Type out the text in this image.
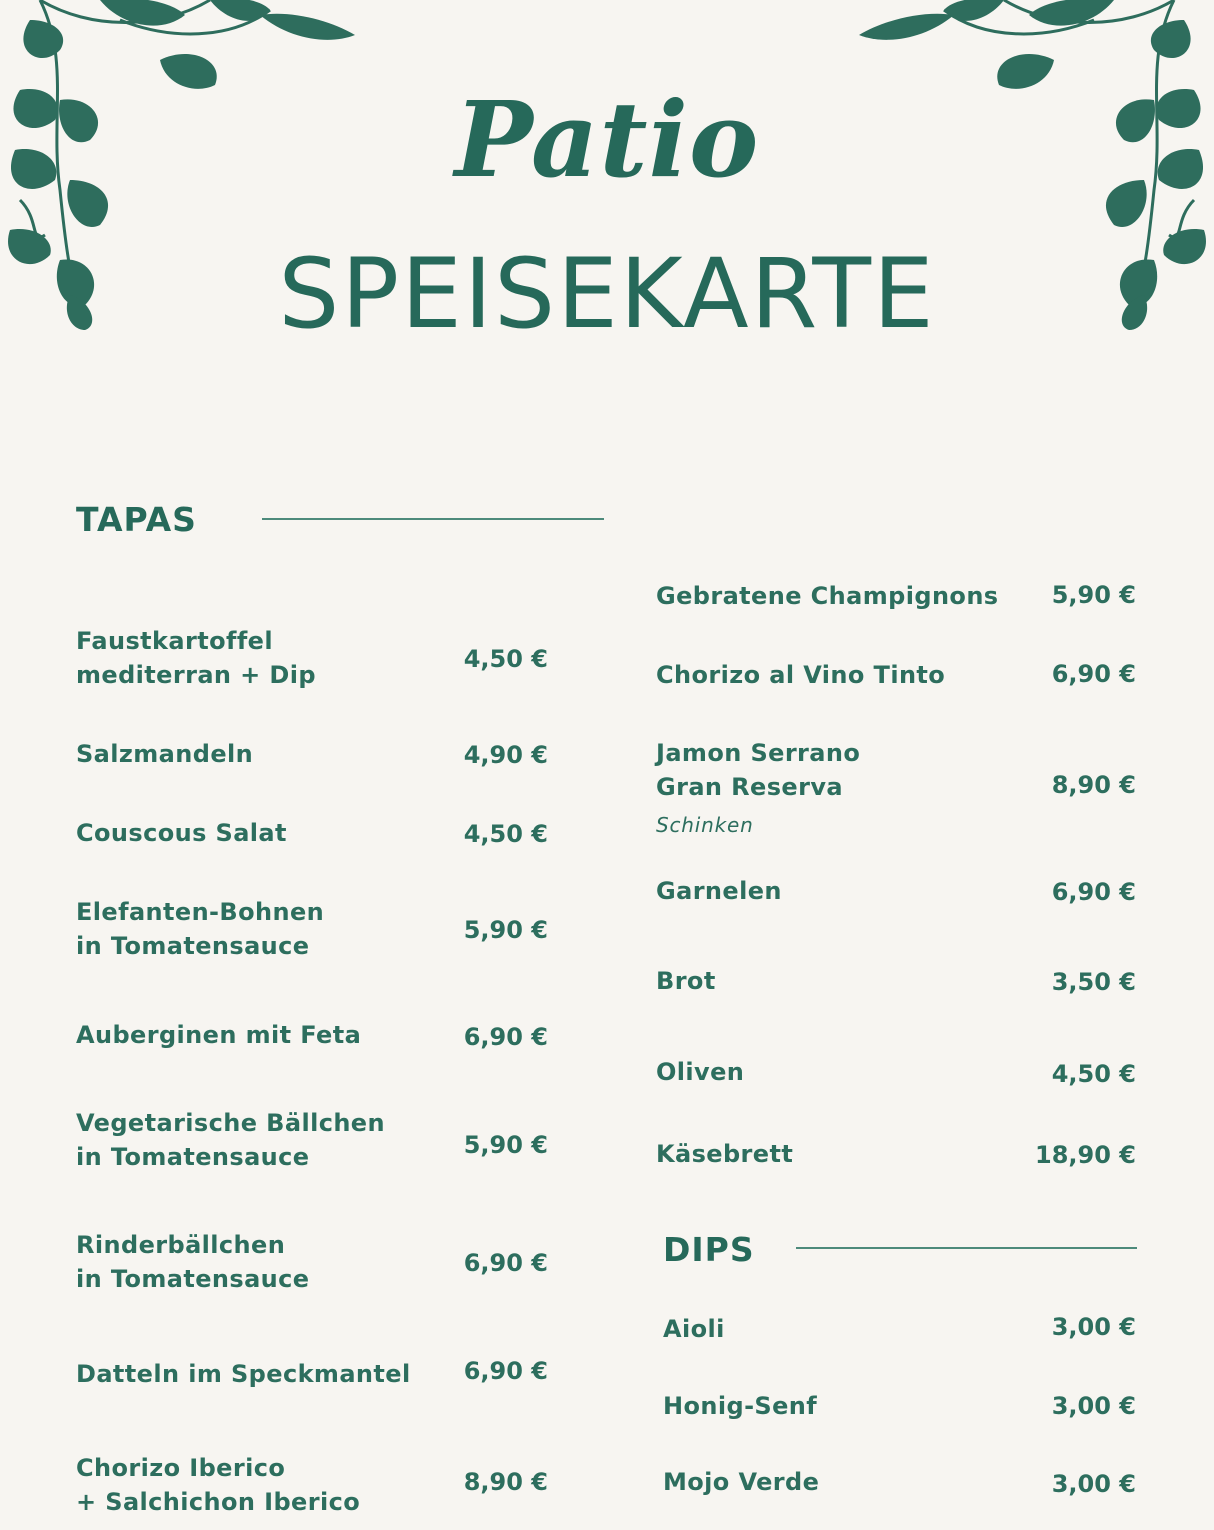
Patio
SPEISEKARTE
TAPAS
Faustkartoffel
mediterran + Dip
4,50 €
Salzmandeln	4,90 €
Couscous Salat	4,50 €
Elefanten-Bohnen
in Tomatensauce
5,90 €
Auberginen mit Feta	6,90 €
Vegetarische Bällchen
in Tomatensauce	5,90 €
Rinderbällchen
in Tomatensauce
6,90 €
Datteln im Speckmantel 6,90 €
Chorizo Iberico
+ Salchichon Iberico
8,90 €
Gebratene Champignons 5,90 €
Chorizo al Vino Tinto	6,90 €
Jamon Serrano
Gran Reserva
Schinken
8,90 €
Garnelen	6,90 €
Brot	3,50 €
Oliven	4,50 €
Käsebrett	18,90 €
DIPS
Aioli	3,00 €
Honig-Senf	3,00 €
Mojo Verde	3,00 €
